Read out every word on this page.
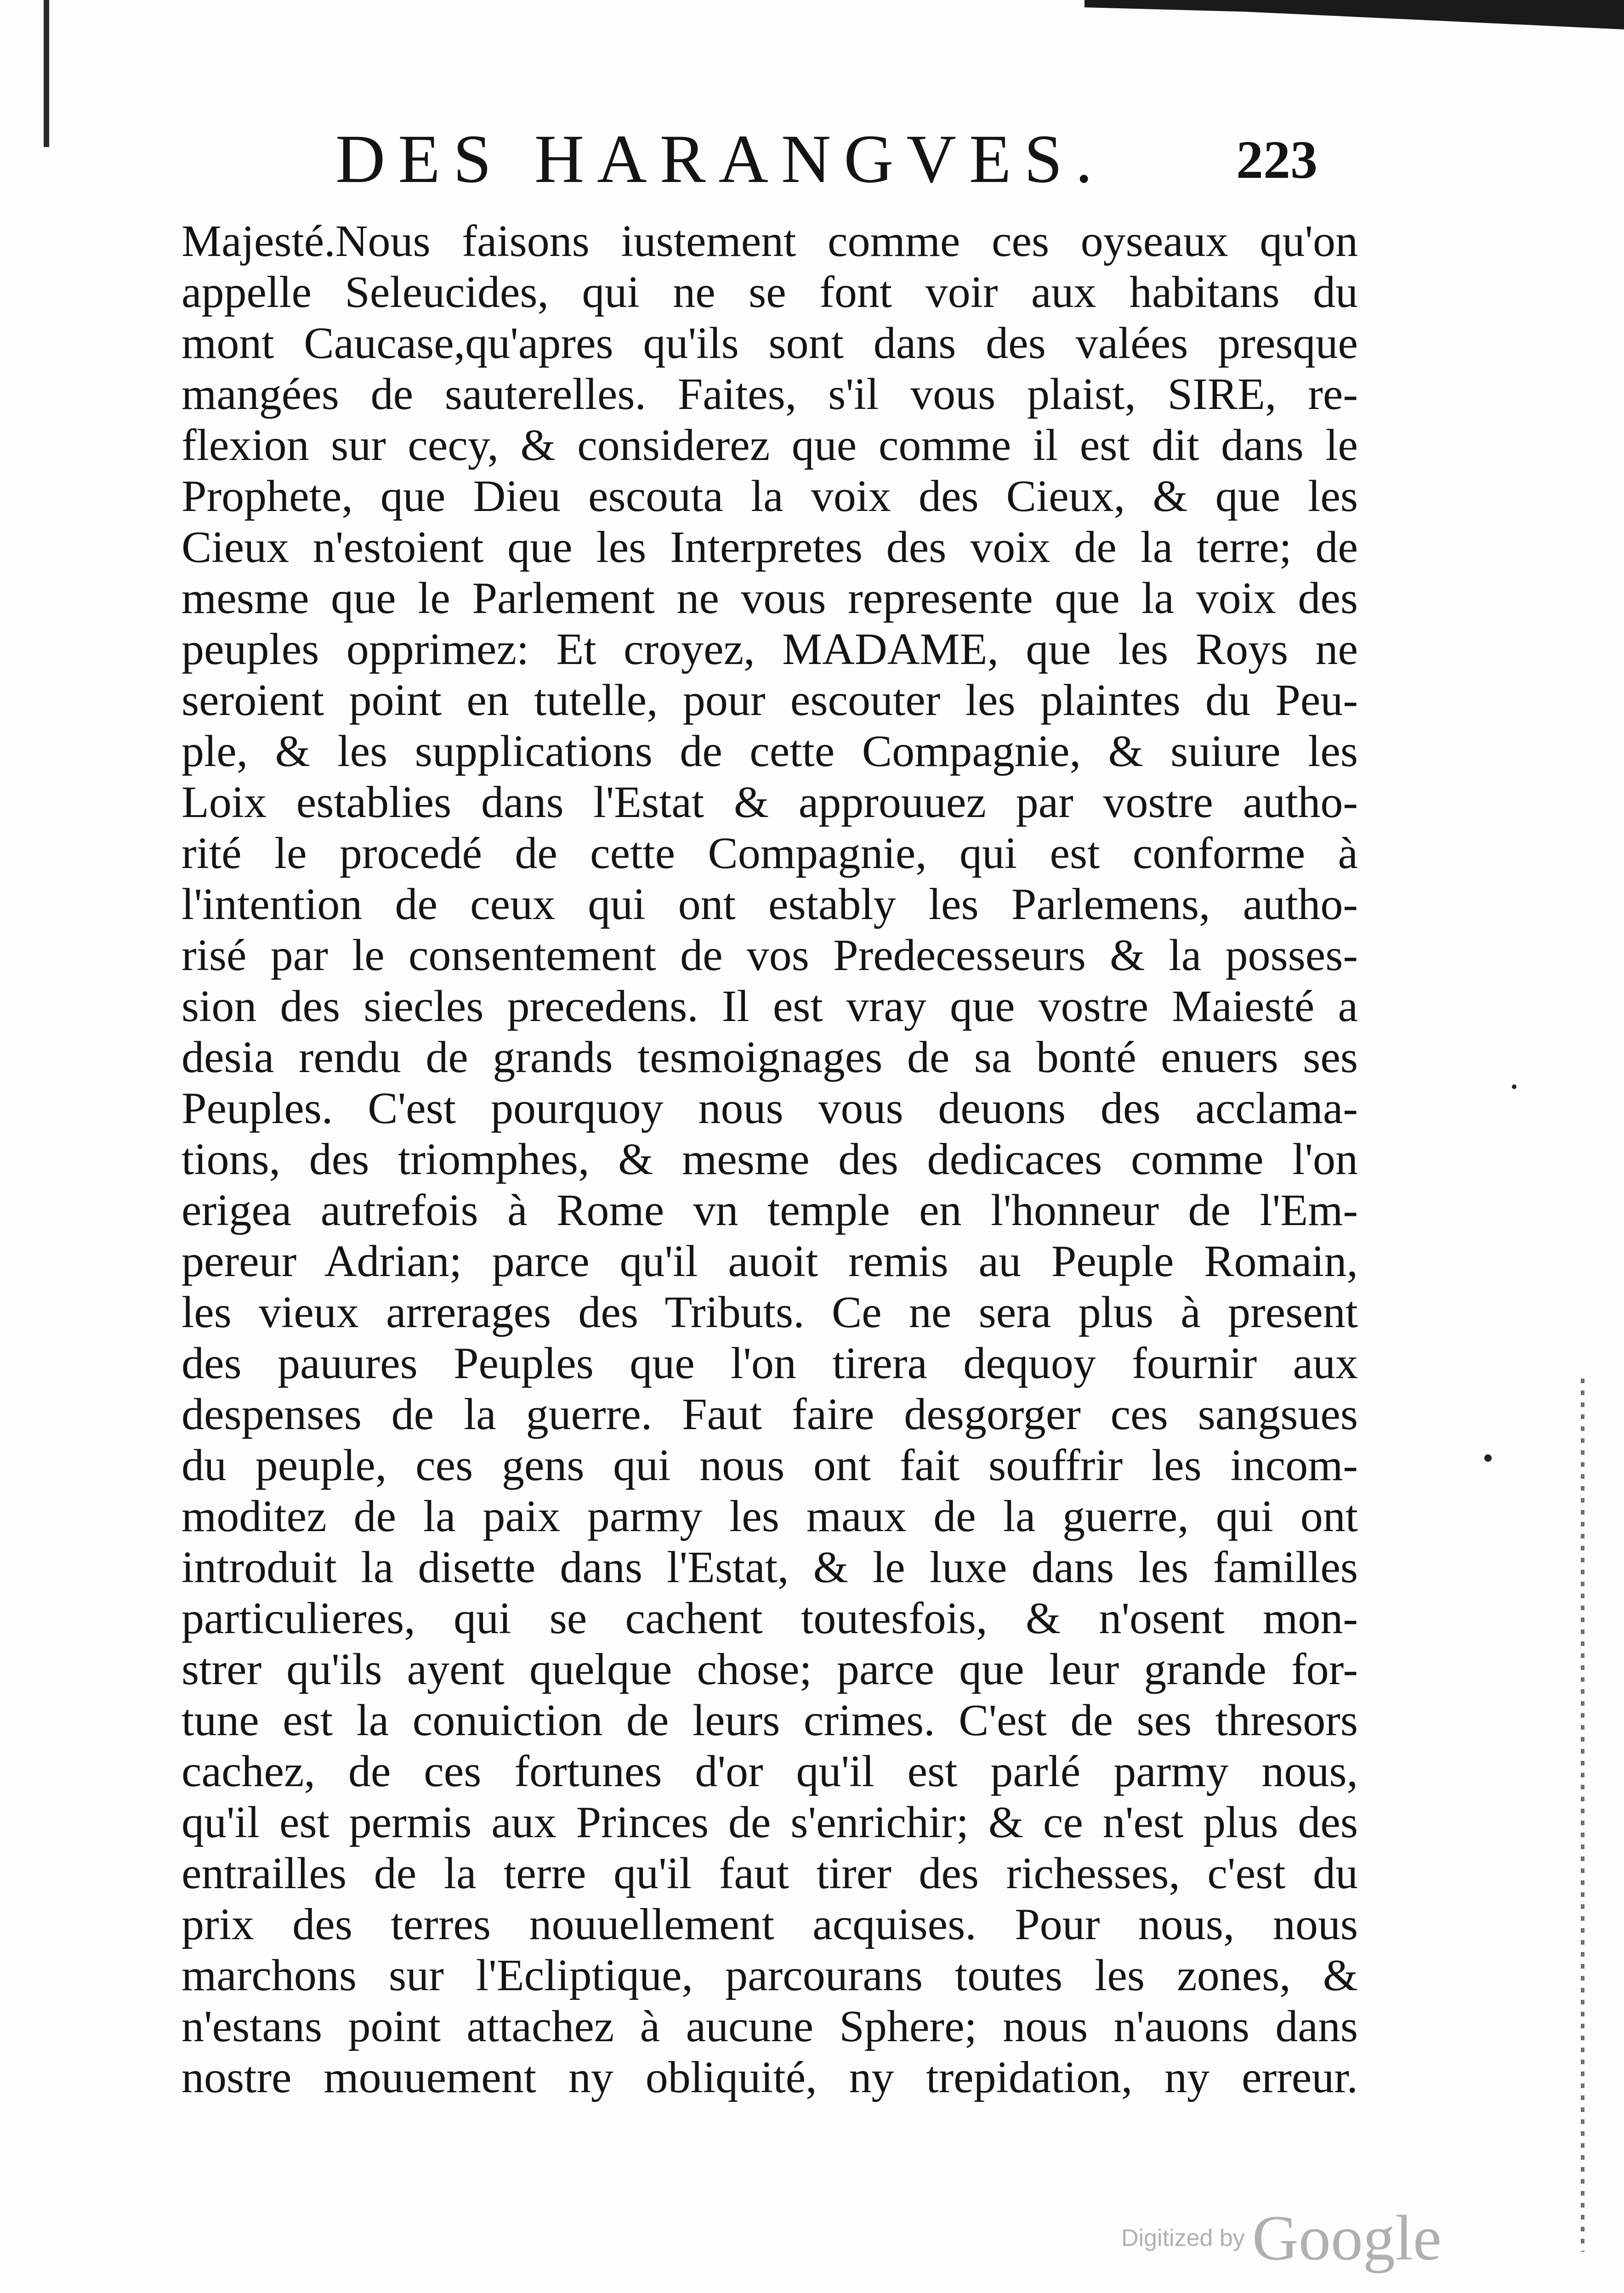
DES HARANGVES.	223
Majesté.Nous faisons iustement comme ces oyseaux qu'on
appelle Seleucides, qui ne se font voir aux habitans du
mont Caucase,qu'apres qu'ils sont dans des valées presque
mangées de sauterelles. Faites, s'il vous plaist, SIRE, re-
flexion sur cecy, & considerez que comme il est dit dans le
Prophete, que Dieu escouta la voix des Cieux, & que les
Cieux n'estoient que les Interpretes des voix de la terre; de
mesme que le Parlement ne vous represente que la voix des
peuples opprimez: Et croyez, MADAME, que les Roys ne
seroient point en tutelle, pour escouter les plaintes du Peu-
ple, & les supplications de cette Compagnie, & suiure les
Loix establies dans l'Estat & approuuez par vostre autho-
rité le procedé de cette Compagnie, qui est conforme à
l'intention de ceux qui ont estably les Parlemens, autho-
risé par le consentement de vos Predecesseurs & la posses-
sion des siecles precedens. Il est vray que vostre Maiesté a
desia rendu de grands tesmoignages de sa bonté enuers ses
Peuples. C'est pourquoy nous vous deuons des acclama-
tions, des triomphes, & mesme des dedicaces comme l'on
erigea autrefois à Rome vn temple en l'honneur de l'Em-
pereur Adrian; parce qu'il auoit remis au Peuple Romain,
les vieux arrerages des Tributs. Ce ne sera plus à present
des pauures Peuples que l'on tirera dequoy fournir aux
despenses de la guerre. Faut faire desgorger ces sangsues
du peuple, ces gens qui nous ont fait souffrir les incom-
moditez de la paix parmy les maux de la guerre, qui ont
introduit la disette dans l'Estat, & le luxe dans les familles
particulieres, qui se cachent toutesfois, & n'osent mon-
strer qu'ils ayent quelque chose; parce que leur grande for-
tune est la conuiction de leurs crimes. C'est de ses thresors
cachez, de ces fortunes d'or qu'il est parlé parmy nous,
qu'il est permis aux Princes de s'enrichir; & ce n'est plus des
entrailles de la terre qu'il faut tirer des richesses, c'est du
prix des terres nouuellement acquises. Pour nous, nous
marchons sur l'Ecliptique, parcourans toutes les zones, &
n'estans point attachez à aucune Sphere; nous n'auons dans
nostre mouuement ny obliquité, ny trepidation, ny erreur.
Digitized by Google
